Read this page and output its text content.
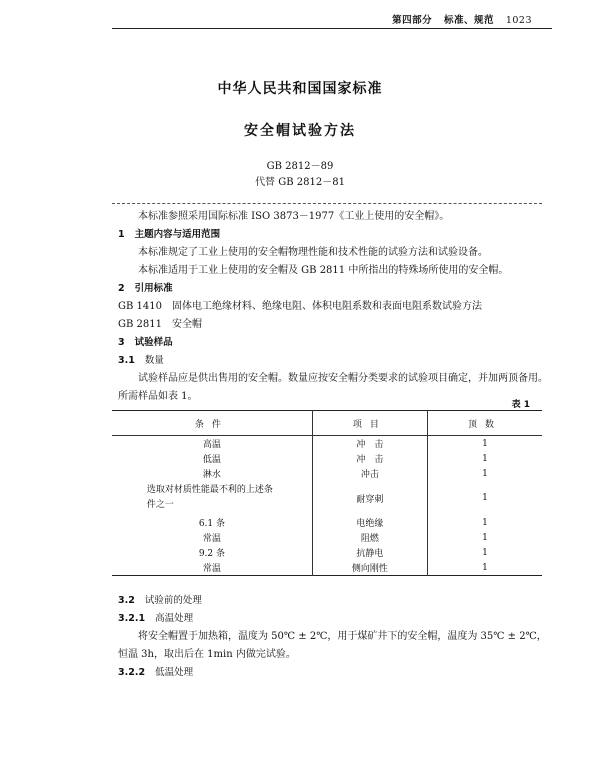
第四部分 标准、规范 1023
中华人民共和国国家标准
安全帽试验方法
GB 2812－89
代替 GB 2812－81

本标准参照采用国际标准 ISO 3873－1977《工业上使用的安全帽》。

1 主题内容与适用范围

本标准规定了工业上使用的安全帽物理性能和技术性能的试验方法和试验设备。

本标准适用于工业上使用的安全帽及 GB 2811 中所指出的特殊场所使用的安全帽。

2 引用标准

GB 1410　固体电工绝缘材料、绝缘电阻、体积电阻系数和表面电阻系数试验方法

GB 2811　安全帽

3 试验样品

3.1 数量

试验样品应是供出售用的安全帽。数量应按安全帽分类要求的试验项目确定，并加两顶备用。所需样品如表 1。

表 1
条件	项目	顶数
高温	冲　击	1
低温	冲　击	1
淋水	冲击	1

选取对材质性能最不利的上述条件之一	耐穿刺	1
6.1 条	电绝缘	1
常温	阻燃	1
9.2 条	抗静电	1
常温	侧向刚性	1

3.2 试验前的处理

3.2.1 高温处理

将安全帽置于加热箱，温度为 50℃ ± 2℃，用于煤矿井下的安全帽，温度为 35℃ ± 2℃，恒温 3h，取出后在 1min 内做完试验。

3.2.2 低温处理
